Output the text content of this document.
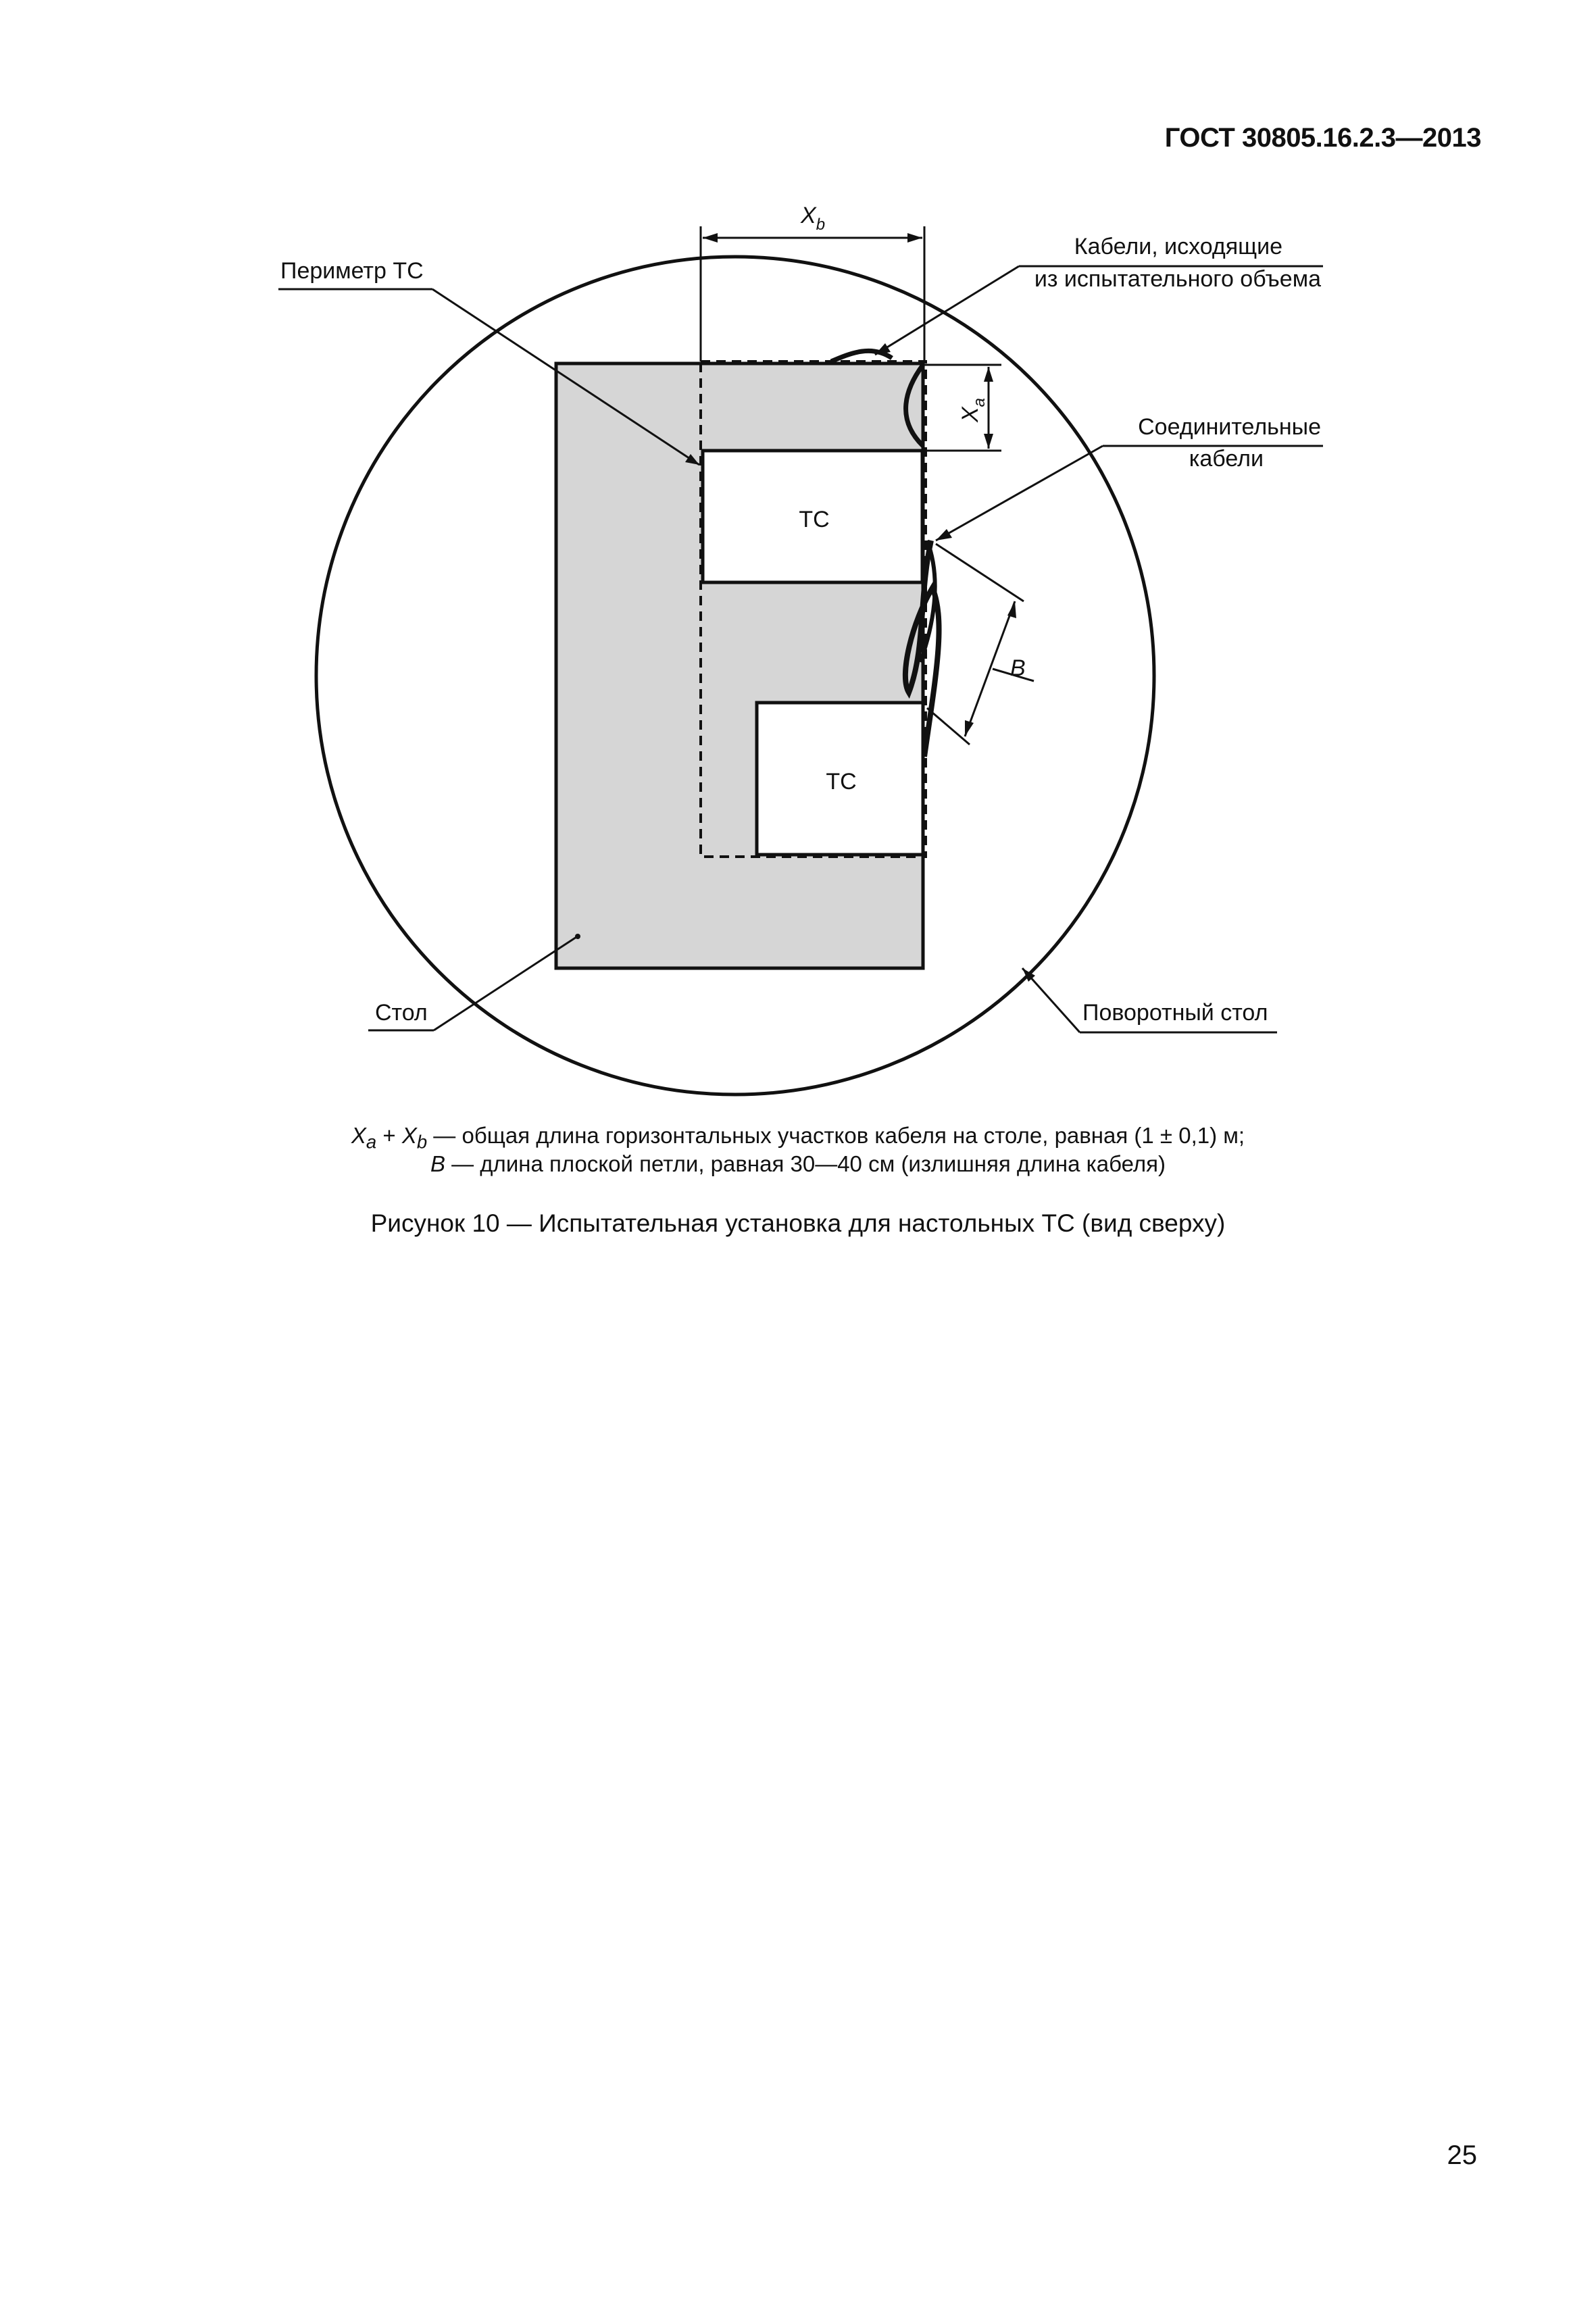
ГОСТ 30805.16.2.3—2013
$X_b$
$X_a$
B
ТС
ТС
Периметр ТС
Кабели, исходящие
из испытательного объема
Соединительные
кабели
Стол	Поворотный стол
$X_a + X_b$ — общая длина горизонтальных участков кабеля на столе, равная (1 ± 0,1) м;
B — длина плоской петли, равная 30—40 см (излишняя длина кабеля)
Рисунок 10 — Испытательная установка для настольных ТС (вид сверху)
25
